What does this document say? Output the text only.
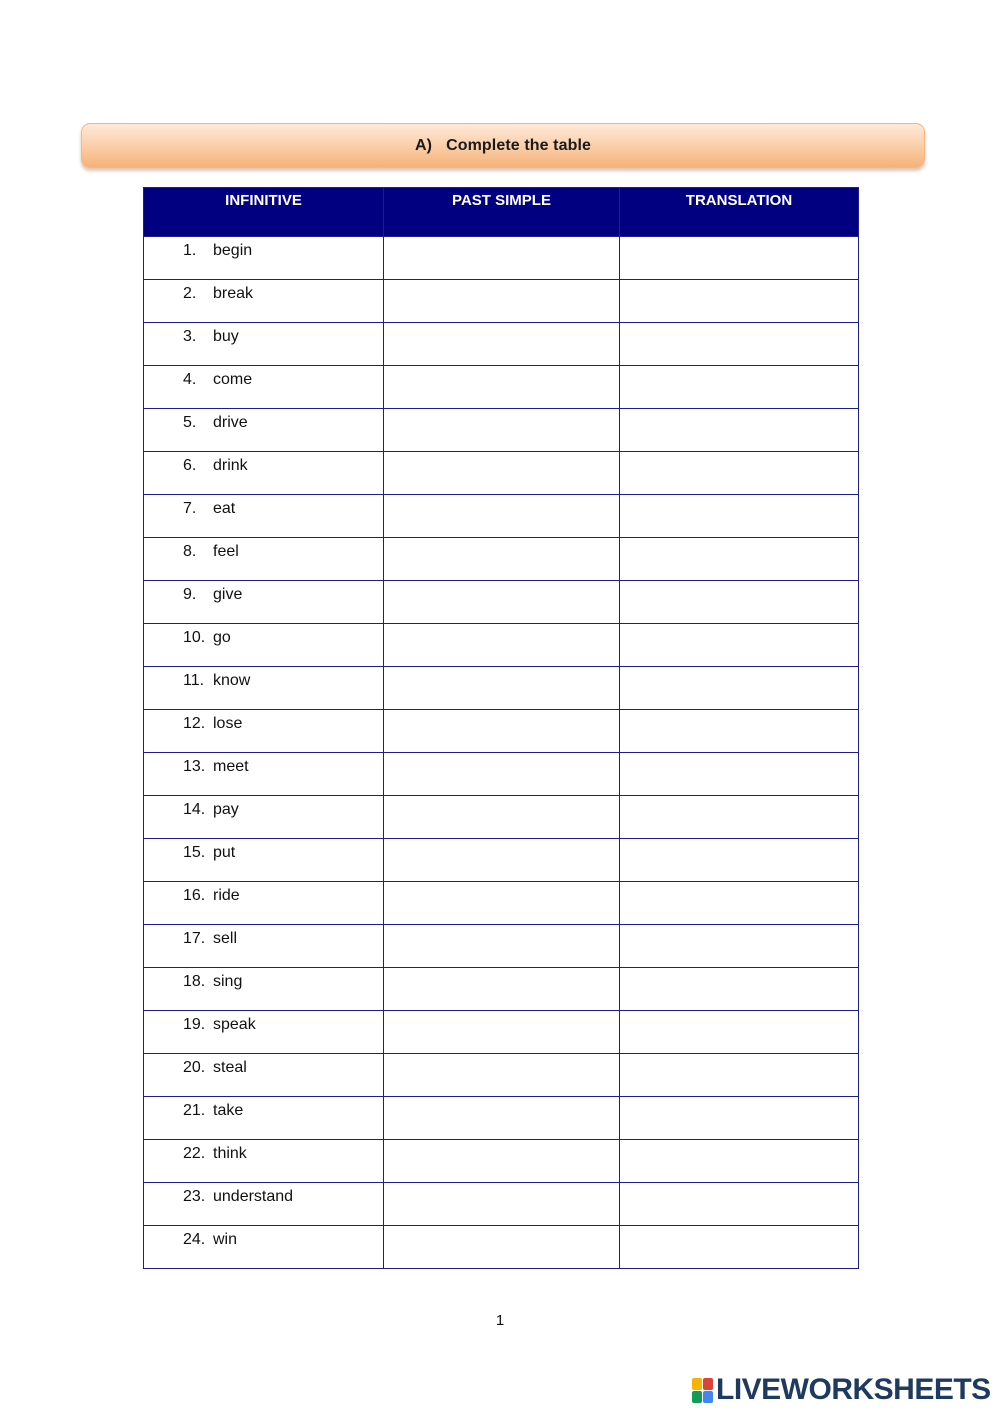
A) Complete the table
INFINITIVE	PAST SIMPLE	TRANSLATION

1. begin		

2. break		

3. buy		

4. come		

5. drive		

6. drink		

7. eat		

8. feel		

9. give		

10. go		

11. know		

12. lose		

13. meet		

14. pay		

15. put		

16. ride		

17. sell		

18. sing		

19. speak		

20. steal		

21. take		

22. think		

23. understand		

24. win		

1
LIVEWORKSHEETS
